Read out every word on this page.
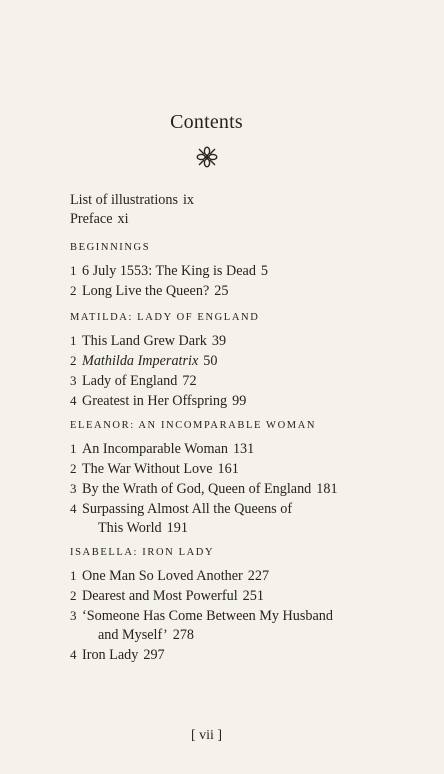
Contents
List of illustrations ix
Preface xi
BEGINNINGS
1 6 July 1553: The King is Dead 5
2 Long Live the Queen? 25
MATILDA: LADY OF ENGLAND
1 This Land Grew Dark 39
2 Mathilda Imperatrix 50
3 Lady of England 72
4 Greatest in Her Offspring 99
ELEANOR: AN INCOMPARABLE WOMAN
1 An Incomparable Woman 131
2 The War Without Love 161
3 By the Wrath of God, Queen of England 181
4 Surpassing Almost All the Queens of
This World 191
ISABELLA: IRON LADY
1 One Man So Loved Another 227
2 Dearest and Most Powerful 251
3 ‘Someone Has Come Between My Husband
and Myself’ 278
4 Iron Lady 297
[ vii ]
